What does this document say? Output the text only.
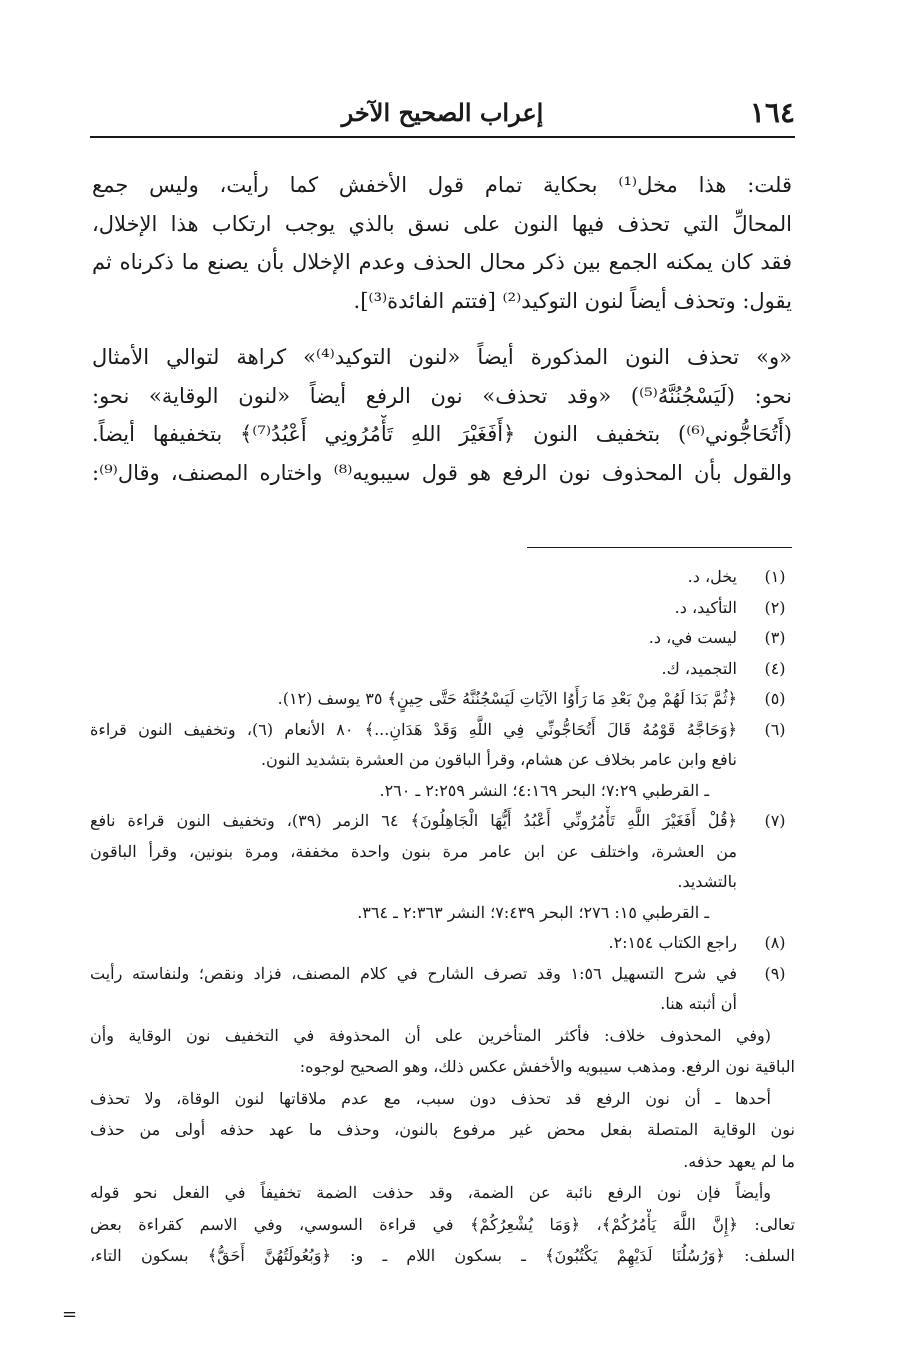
١٦٤
إعراب الصحيح الآخر

قلت: هذا مخل⁽¹⁾ بحكاية تمام قول الأخفش كما رأيت، وليس جمع
المحالِّ التي تحذف فيها النون على نسق بالذي يوجب ارتكاب هذا الإخلال،
فقد كان يمكنه الجمع بين ذكر محال الحذف وعدم الإخلال بأن يصنع ما ذكرناه ثم
يقول: وتحذف أيضاً لنون التوكيد⁽²⁾ [فتتم الفائدة⁽³⁾].

«و» تحذف النون المذكورة أيضاً «لنون التوكيد⁽⁴⁾» كراهة لتوالي الأمثال
نحو: (لَيَسْجُنُنَّهُ⁽⁵⁾) «وقد تحذف» نون الرفع أيضاً «لنون الوقاية» نحو:
(أَتُحَاجُّوني⁽⁶⁾) بتخفيف النون ﴿أَفَغَيْرَ اللهِ تَأْمُرُونِي أَعْبُدُ⁽⁷⁾﴾ بتخفيفها أيضاً.
والقول بأن المحذوف نون الرفع هو قول سيبويه⁽⁸⁾ واختاره المصنف، وقال⁽⁹⁾:

(١)
يخل، د.
(٢)
التأكيد، د.
(٣)
ليست في، د.
(٤)
التجميد، ك.
(٥)
﴿ثُمَّ بَدَا لَهُمْ مِنْ بَعْدِ مَا رَأَوُا الآيَاتِ لَيَسْجُنُنَّهُ حَتَّى حِينٍ﴾ ٣٥ يوسف (١٢).
(٦)
﴿وَحَاجَّهُ قَوْمُهُ قَالَ أَتُحَاجُّونِّي فِي اللَّهِ وَقَدْ هَدَانِ...﴾ ٨٠ الأنعام (٦)، وتخفيف النون قراءة
نافع وابن عامر بخلاف عن هشام، وقرأ الباقون من العشرة بتشديد النون.
ـ القرطبي ٧:٢٩؛ البحر ٤:١٦٩؛ النشر ٢:٢٥٩ ـ ٢٦٠.
(٧)
﴿قُلْ أَفَغَيْرَ اللَّهِ تَأْمُرُونِّي أَعْبُدُ أَيُّهَا الْجَاهِلُونَ﴾ ٦٤ الزمر (٣٩)، وتخفيف النون قراءة نافع
من العشرة، واختلف عن ابن عامر مرة بنون واحدة مخففة، ومرة بنونين، وقرأ الباقون
بالتشديد.
ـ القرطبي ١٥: ٢٧٦؛ البحر ٧:٤٣٩؛ النشر ٢:٣٦٣ ـ ٣٦٤.
(٨)
راجع الكتاب ٢:١٥٤.
(٩)
في شرح التسهيل ١:٥٦ وقد تصرف الشارح في كلام المصنف، فزاد ونقص؛ ولنفاسته رأيت
أن أثبته هنا.
(وفي المحذوف خلاف: فأكثر المتأخرين على أن المحذوفة في التخفيف نون الوقاية وأن
الباقية نون الرفع. ومذهب سيبويه والأخفش عكس ذلك، وهو الصحيح لوجوه:
أحدها ـ أن نون الرفع قد تحذف دون سبب، مع عدم ملاقاتها لنون الوقاة، ولا تحذف
نون الوقاية المتصلة بفعل محض غير مرفوع بالنون، وحذف ما عهد حذفه أولى من حذف
ما لم يعهد حذفه.
وأيضاً فإن نون الرفع نائبة عن الضمة، وقد حذفت الضمة تخفيفاً في الفعل نحو قوله
تعالى: ﴿إِنَّ اللَّهَ يَأْمُرُكُمْ﴾، ﴿وَمَا يُشْعِرُكُمْ﴾ في قراءة السوسي، وفي الاسم كقراءة بعض
السلف: ﴿وَرُسُلُنَا لَدَيْهِمْ يَكْتُبُونَ﴾ ـ بسكون اللام ـ و: ﴿وَبُعُولَتُهُنَّ أَحَقُّ﴾ بسكون التاء،
=
